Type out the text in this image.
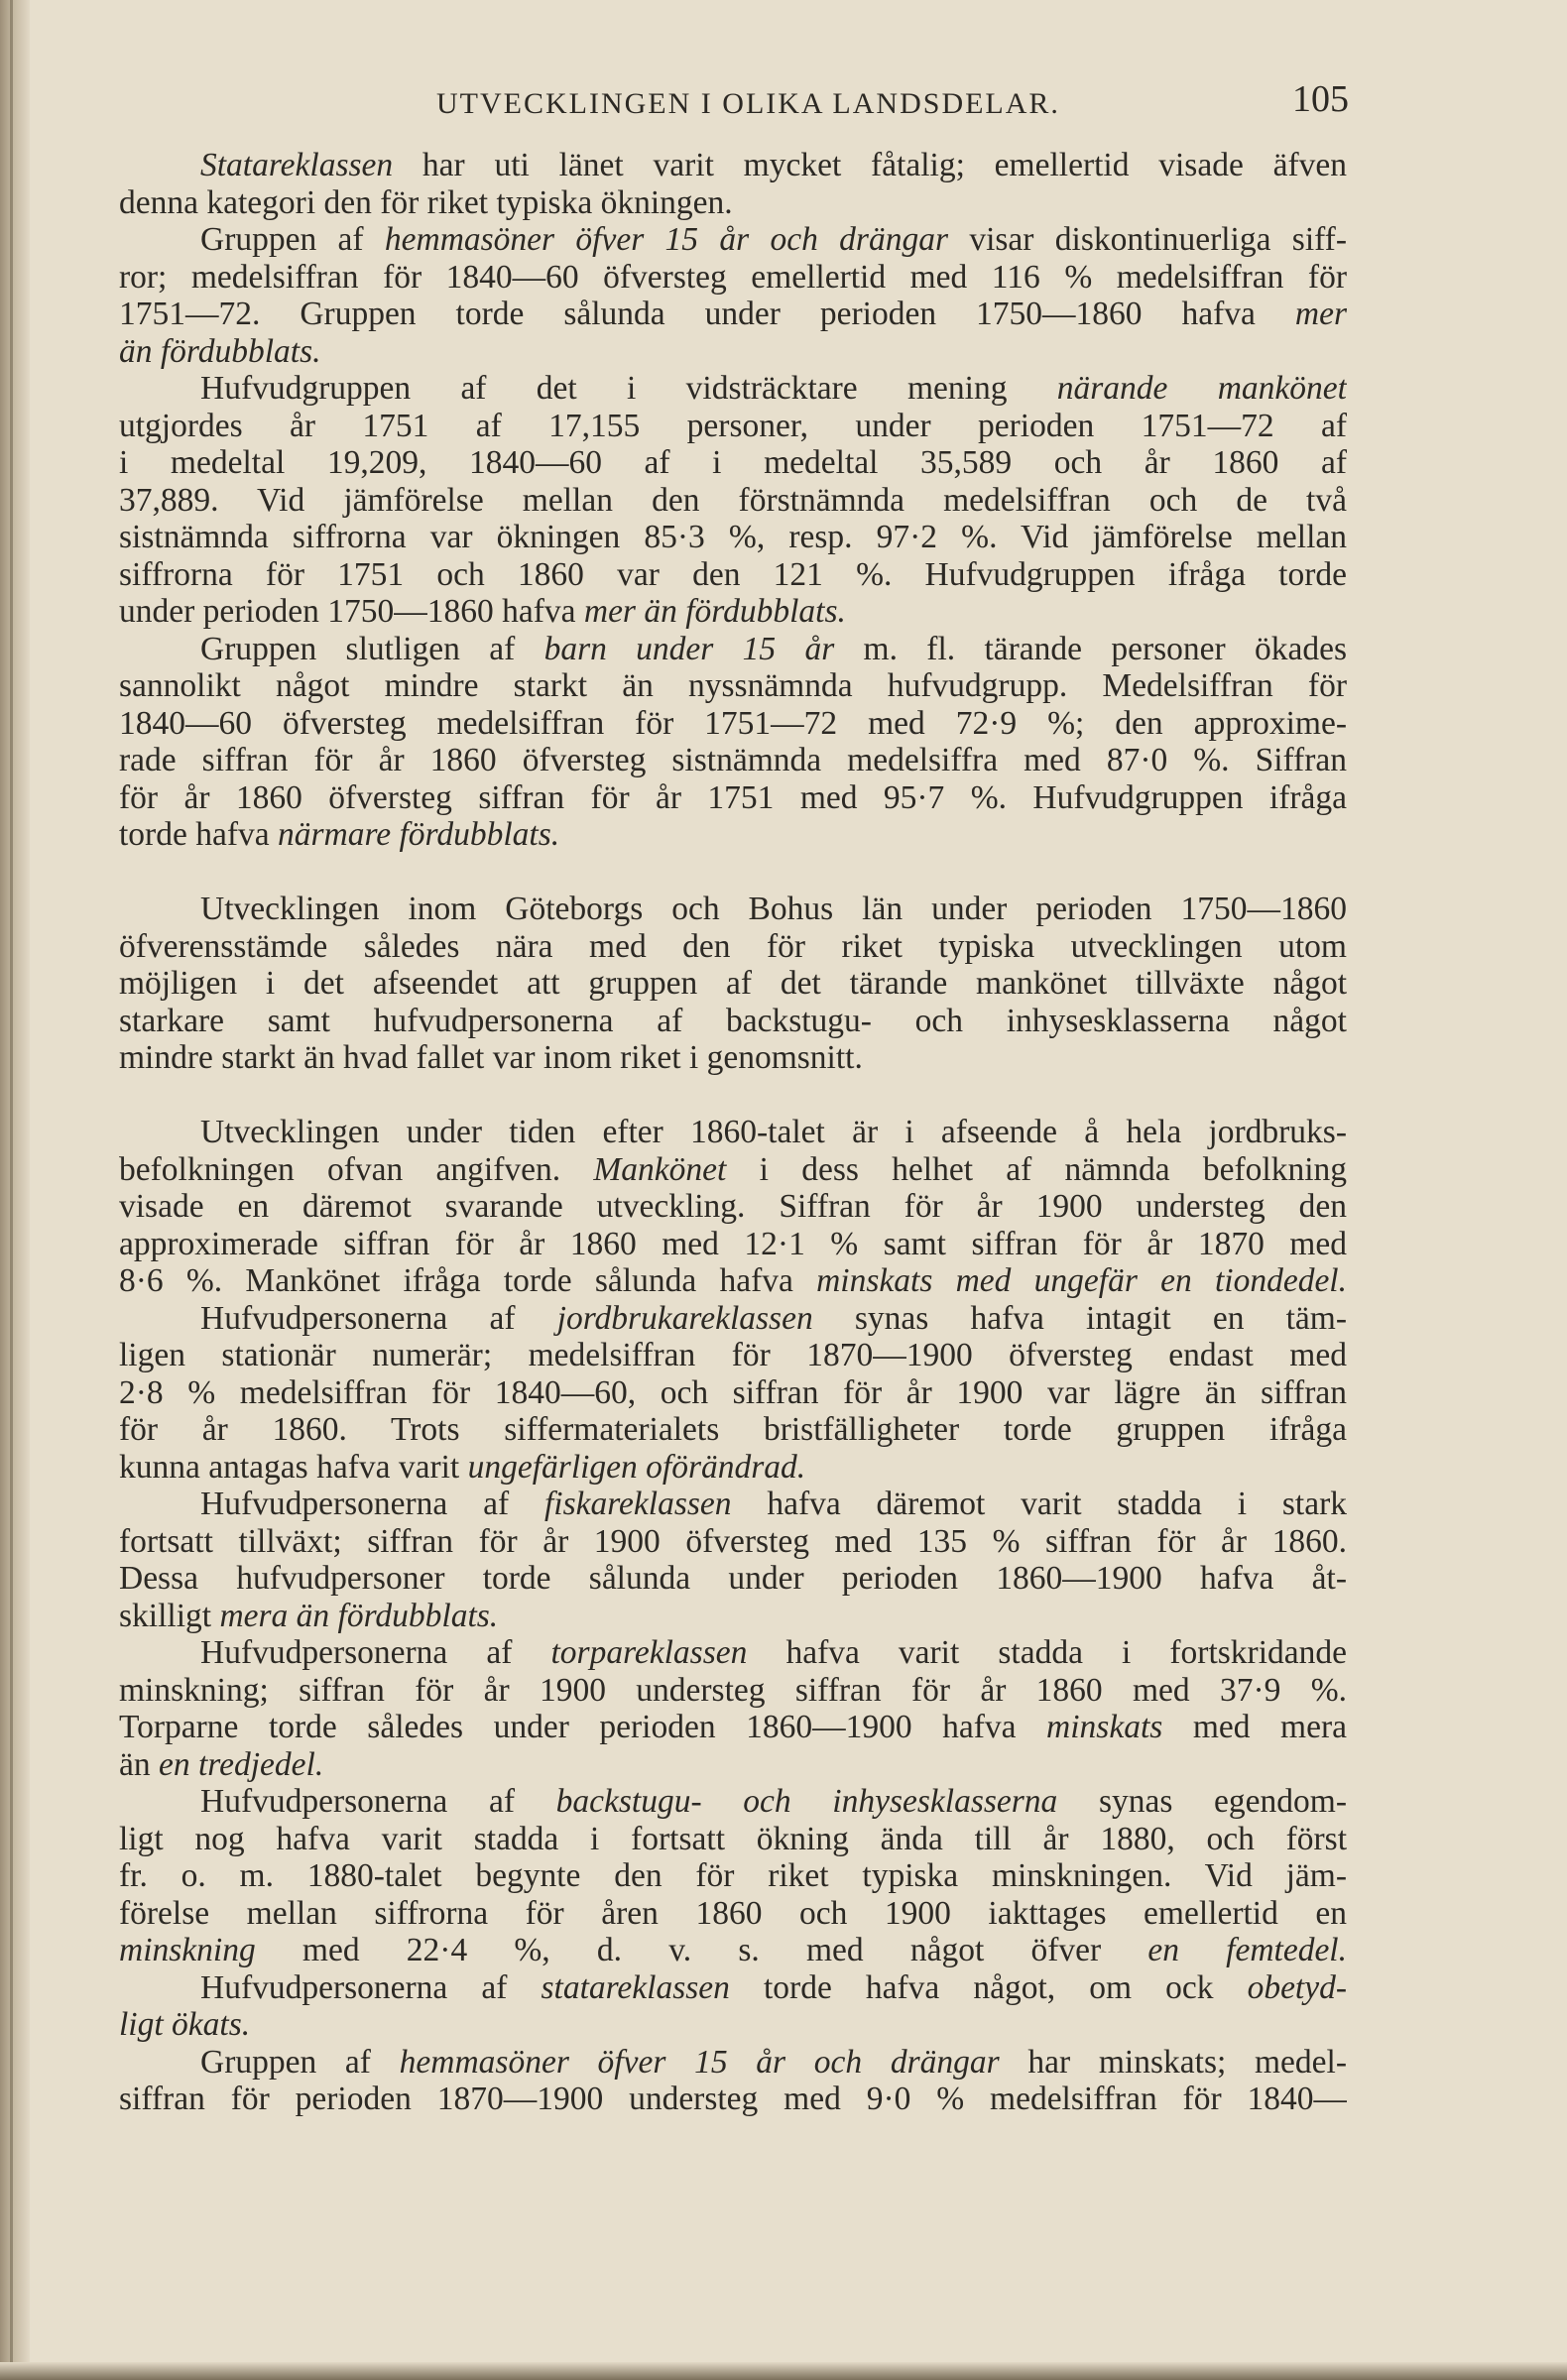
UTVECKLINGEN I OLIKA LANDSDELAR.	105
Statareklassen har uti länet varit mycket fåtalig; emellertid visade äfven
denna kategori den för riket typiska ökningen.
Gruppen af hemmasöner öfver 15 år och drängar visar diskontinuerliga siff-
ror; medelsiffran för 1840—60 öfversteg emellertid med 116 % medelsiffran för
1751—72. Gruppen torde sålunda under perioden 1750—1860 hafva mer
än fördubblats.
Hufvudgruppen af det i vidsträcktare mening närande mankönet
utgjordes år 1751 af 17,155 personer, under perioden 1751—72 af
i medeltal 19,209, 1840—60 af i medeltal 35,589 och år 1860 af
37,889. Vid jämförelse mellan den förstnämnda medelsiffran och de två
sistnämnda siffrorna var ökningen 85·3 %, resp. 97·2 %. Vid jämförelse mellan
siffrorna för 1751 och 1860 var den 121 %. Hufvudgruppen ifråga torde
under perioden 1750—1860 hafva mer än fördubblats.
Gruppen slutligen af barn under 15 år m. fl. tärande personer ökades
sannolikt något mindre starkt än nyssnämnda hufvudgrupp. Medelsiffran för
1840—60 öfversteg medelsiffran för 1751—72 med 72·9 %; den approxime-
rade siffran för år 1860 öfversteg sistnämnda medelsiffra med 87·0 %. Siffran
för år 1860 öfversteg siffran för år 1751 med 95·7 %. Hufvudgruppen ifråga
torde hafva närmare fördubblats.
Utvecklingen inom Göteborgs och Bohus län under perioden 1750—1860
öfverensstämde således nära med den för riket typiska utvecklingen utom
möjligen i det afseendet att gruppen af det tärande mankönet tillväxte något
starkare samt hufvudpersonerna af backstugu- och inhysesklasserna något
mindre starkt än hvad fallet var inom riket i genomsnitt.
Utvecklingen under tiden efter 1860-talet är i afseende å hela jordbruks-
befolkningen ofvan angifven. Mankönet i dess helhet af nämnda befolkning
visade en däremot svarande utveckling. Siffran för år 1900 understeg den
approximerade siffran för år 1860 med 12·1 % samt siffran för år 1870 med
8·6 %. Mankönet ifråga torde sålunda hafva minskats med ungefär en tiondedel.
Hufvudpersonerna af jordbrukareklassen synas hafva intagit en täm-
ligen stationär numerär; medelsiffran för 1870—1900 öfversteg endast med
2·8 % medelsiffran för 1840—60, och siffran för år 1900 var lägre än siffran
för år 1860. Trots siffermaterialets bristfälligheter torde gruppen ifråga
kunna antagas hafva varit ungefärligen oförändrad.
Hufvudpersonerna af fiskareklassen hafva däremot varit stadda i stark
fortsatt tillväxt; siffran för år 1900 öfversteg med 135 % siffran för år 1860.
Dessa hufvudpersoner torde sålunda under perioden 1860—1900 hafva åt-
skilligt mera än fördubblats.
Hufvudpersonerna af torpareklassen hafva varit stadda i fortskridande
minskning; siffran för år 1900 understeg siffran för år 1860 med 37·9 %.
Torparne torde således under perioden 1860—1900 hafva minskats med mera
än en tredjedel.
Hufvudpersonerna af backstugu- och inhysesklasserna synas egendom-
ligt nog hafva varit stadda i fortsatt ökning ända till år 1880, och först
fr. o. m. 1880-talet begynte den för riket typiska minskningen. Vid jäm-
förelse mellan siffrorna för åren 1860 och 1900 iakttages emellertid en
minskning med 22·4 %, d. v. s. med något öfver en femtedel.
Hufvudpersonerna af statareklassen torde hafva något, om ock obetyd-
ligt ökats.
Gruppen af hemmasöner öfver 15 år och drängar har minskats; medel-
siffran för perioden 1870—1900 understeg med 9·0 % medelsiffran för 1840—
